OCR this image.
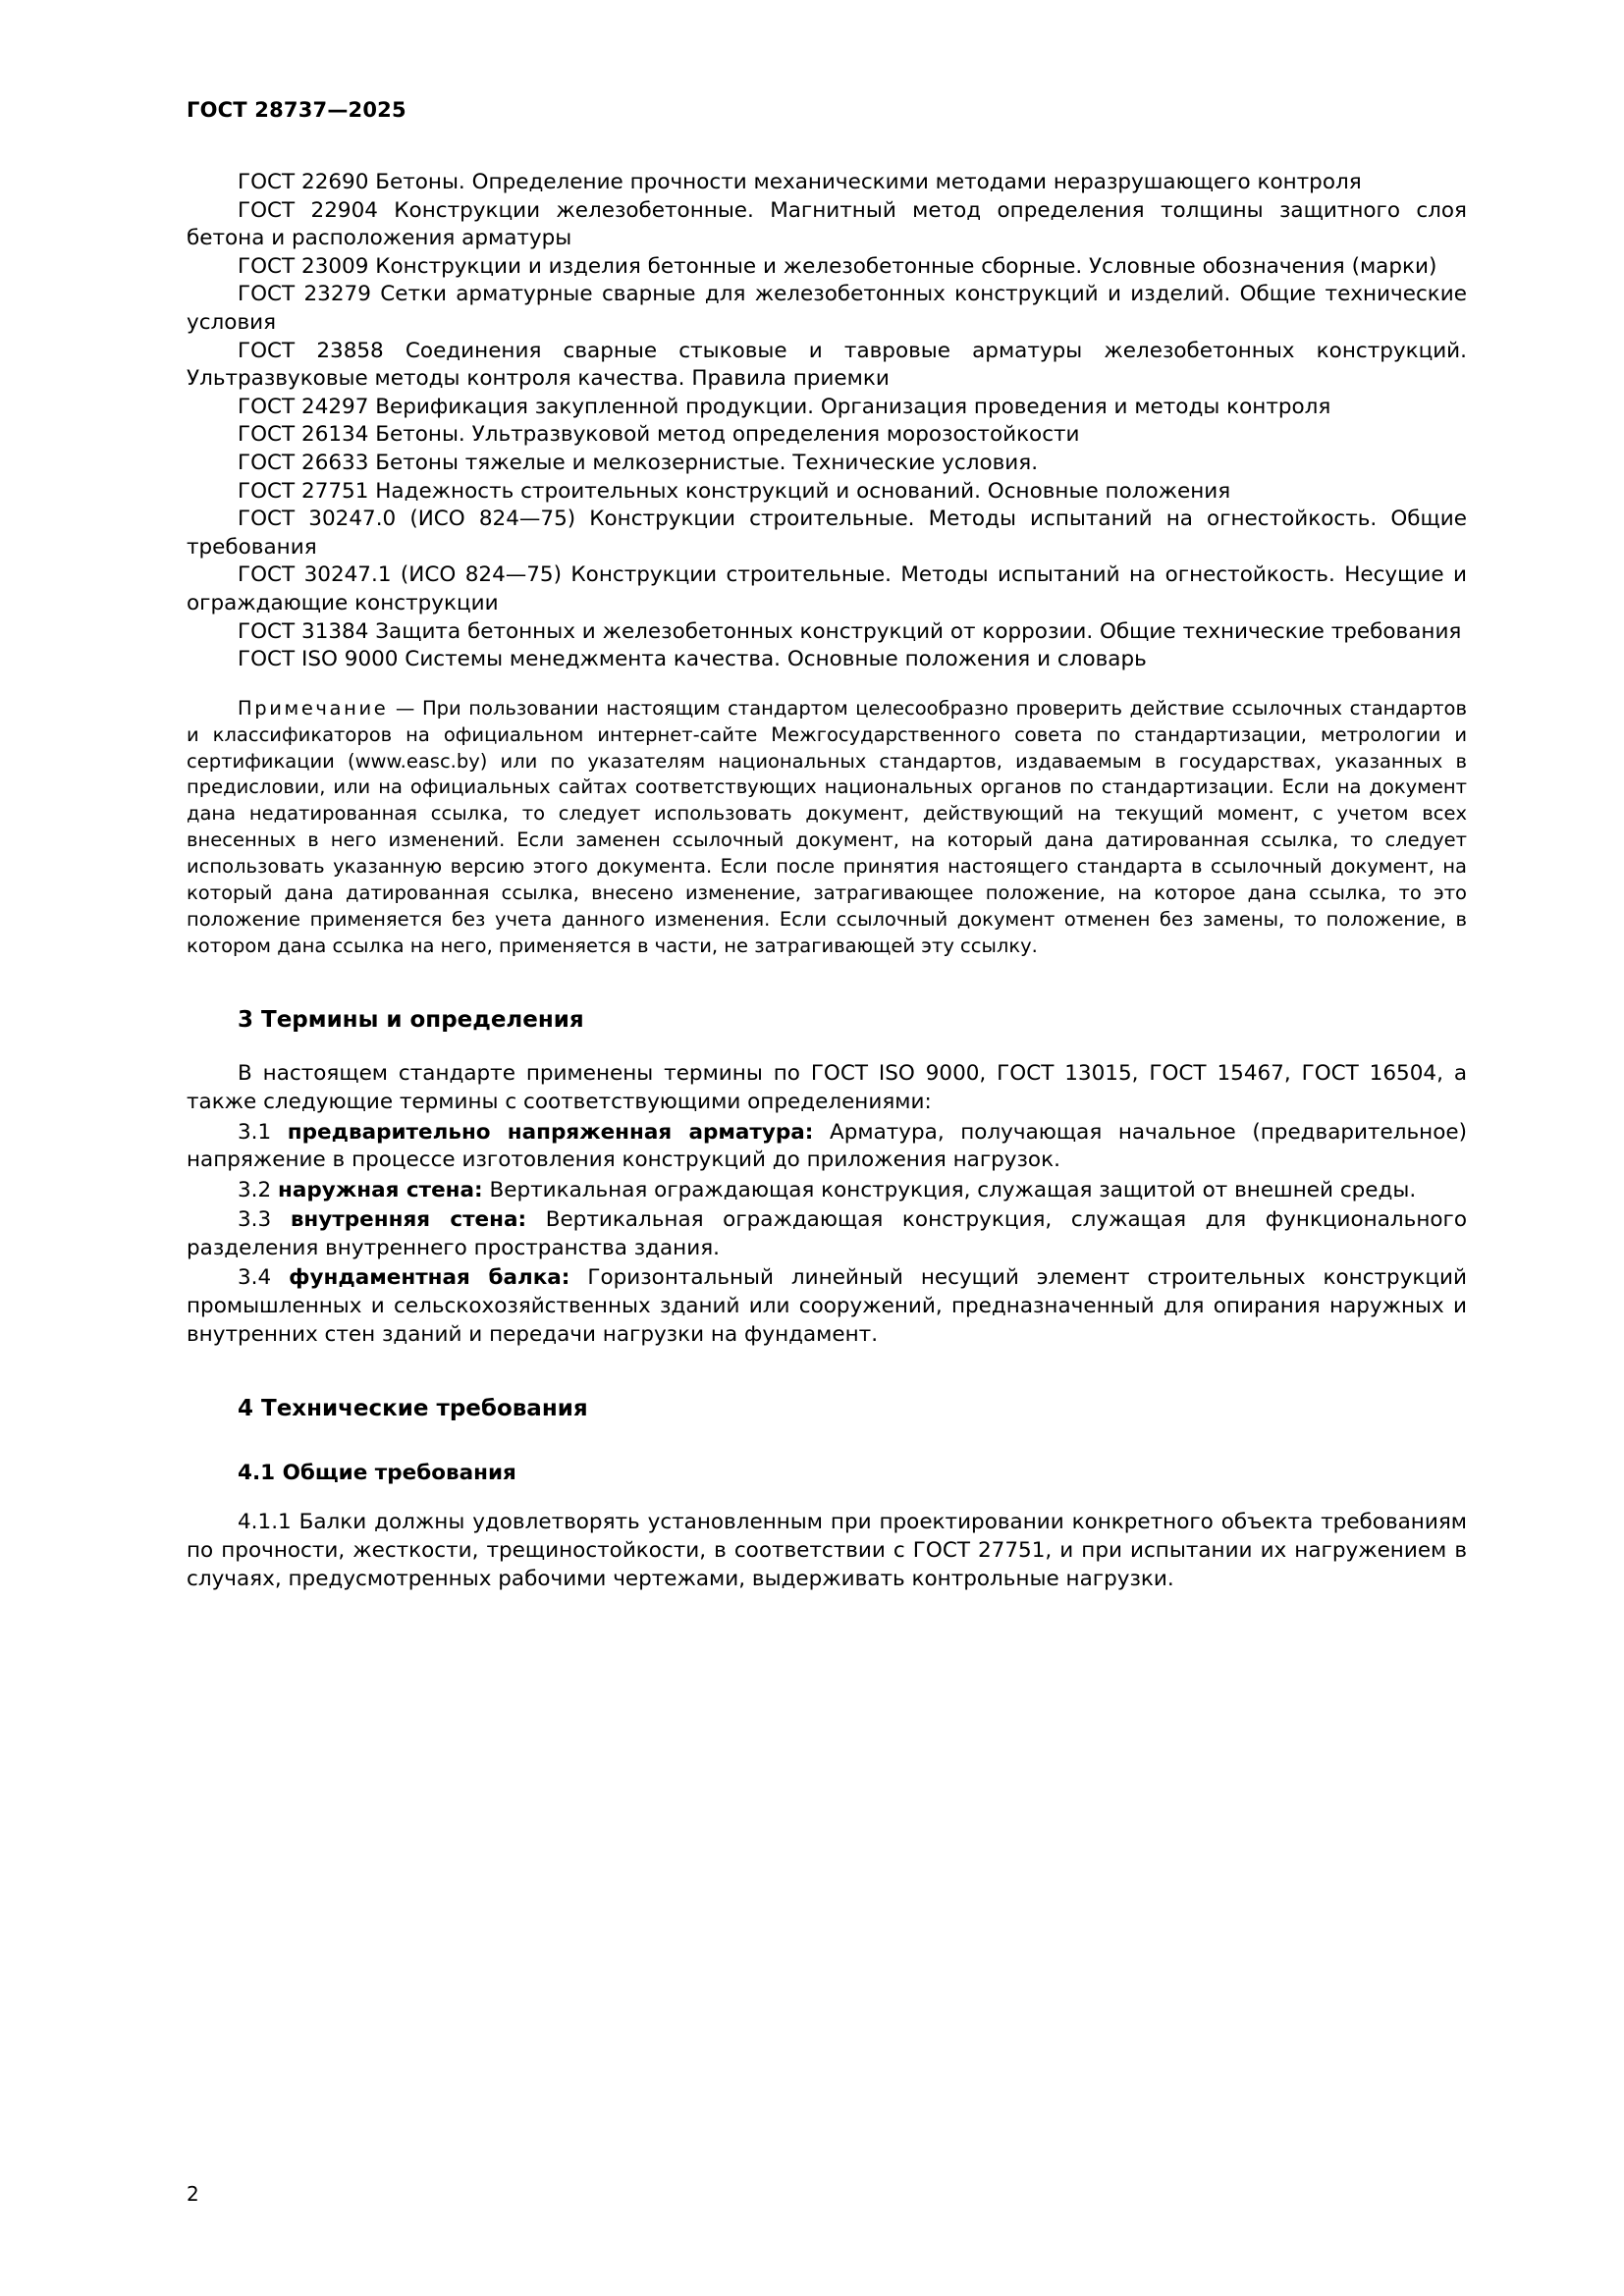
ГОСТ 28737—2025

ГОСТ 22690 Бетоны. Определение прочности механическими методами неразрушающего контроля

ГОСТ 22904 Конструкции железобетонные. Магнитный метод определения толщины защитного слоя бетона и расположения арматуры

ГОСТ 23009 Конструкции и изделия бетонные и железобетонные сборные. Условные обозначения (марки)

ГОСТ 23279 Сетки арматурные сварные для железобетонных конструкций и изделий. Общие технические условия

ГОСТ 23858 Соединения сварные стыковые и тавровые арматуры железобетонных конструкций. Ультразвуковые методы контроля качества. Правила приемки

ГОСТ 24297 Верификация закупленной продукции. Организация проведения и методы контроля

ГОСТ 26134 Бетоны. Ультразвуковой метод определения морозостойкости

ГОСТ 26633 Бетоны тяжелые и мелкозернистые. Технические условия.

ГОСТ 27751 Надежность строительных конструкций и оснований. Основные положения

ГОСТ 30247.0 (ИСО 824—75) Конструкции строительные. Методы испытаний на огнестойкость. Общие требования

ГОСТ 30247.1 (ИСО 824—75) Конструкции строительные. Методы испытаний на огнестойкость. Несущие и ограждающие конструкции

ГОСТ 31384 Защита бетонных и железобетонных конструкций от коррозии. Общие технические требования

ГОСТ ISO 9000 Системы менеджмента качества. Основные положения и словарь

Примечание — При пользовании настоящим стандартом целесообразно проверить действие ссылочных стандартов и классификаторов на официальном интернет-сайте Межгосударственного совета по стандартизации, метрологии и сертификации (www.easc.by) или по указателям национальных стандартов, издаваемым в государствах, указанных в предисловии, или на официальных сайтах соответствующих национальных органов по стандартизации. Если на документ дана недатированная ссылка, то следует использовать документ, действующий на текущий момент, с учетом всех внесенных в него изменений. Если заменен ссылочный документ, на который дана датированная ссылка, то следует использовать указанную версию этого документа. Если после принятия настоящего стандарта в ссылочный документ, на который дана датированная ссылка, внесено изменение, затрагивающее положение, на которое дана ссылка, то это положение применяется без учета данного изменения. Если ссылочный документ отменен без замены, то положение, в котором дана ссылка на него, применяется в части, не затрагивающей эту ссылку.

3 Термины и определения

В настоящем стандарте применены термины по ГОСТ ISO 9000, ГОСТ 13015, ГОСТ 15467, ГОСТ 16504, а также следующие термины с соответствующими определениями:

3.1 предварительно напряженная арматура: Арматура, получающая начальное (предварительное) напряжение в процессе изготовления конструкций до приложения нагрузок.

3.2 наружная стена: Вертикальная ограждающая конструкция, служащая защитой от внешней среды.

3.3 внутренняя стена: Вертикальная ограждающая конструкция, служащая для функционального разделения внутреннего пространства здания.

3.4 фундаментная балка: Горизонтальный линейный несущий элемент строительных конструкций промышленных и сельскохозяйственных зданий или сооружений, предназначенный для опирания наружных и внутренних стен зданий и передачи нагрузки на фундамент.

4 Технические требования
4.1 Общие требования

4.1.1 Балки должны удовлетворять установленным при проектировании конкретного объекта требованиям по прочности, жесткости, трещиностойкости, в соответствии с ГОСТ 27751, и при испытании их нагружением в случаях, предусмотренных рабочими чертежами, выдерживать контрольные нагрузки.

2
